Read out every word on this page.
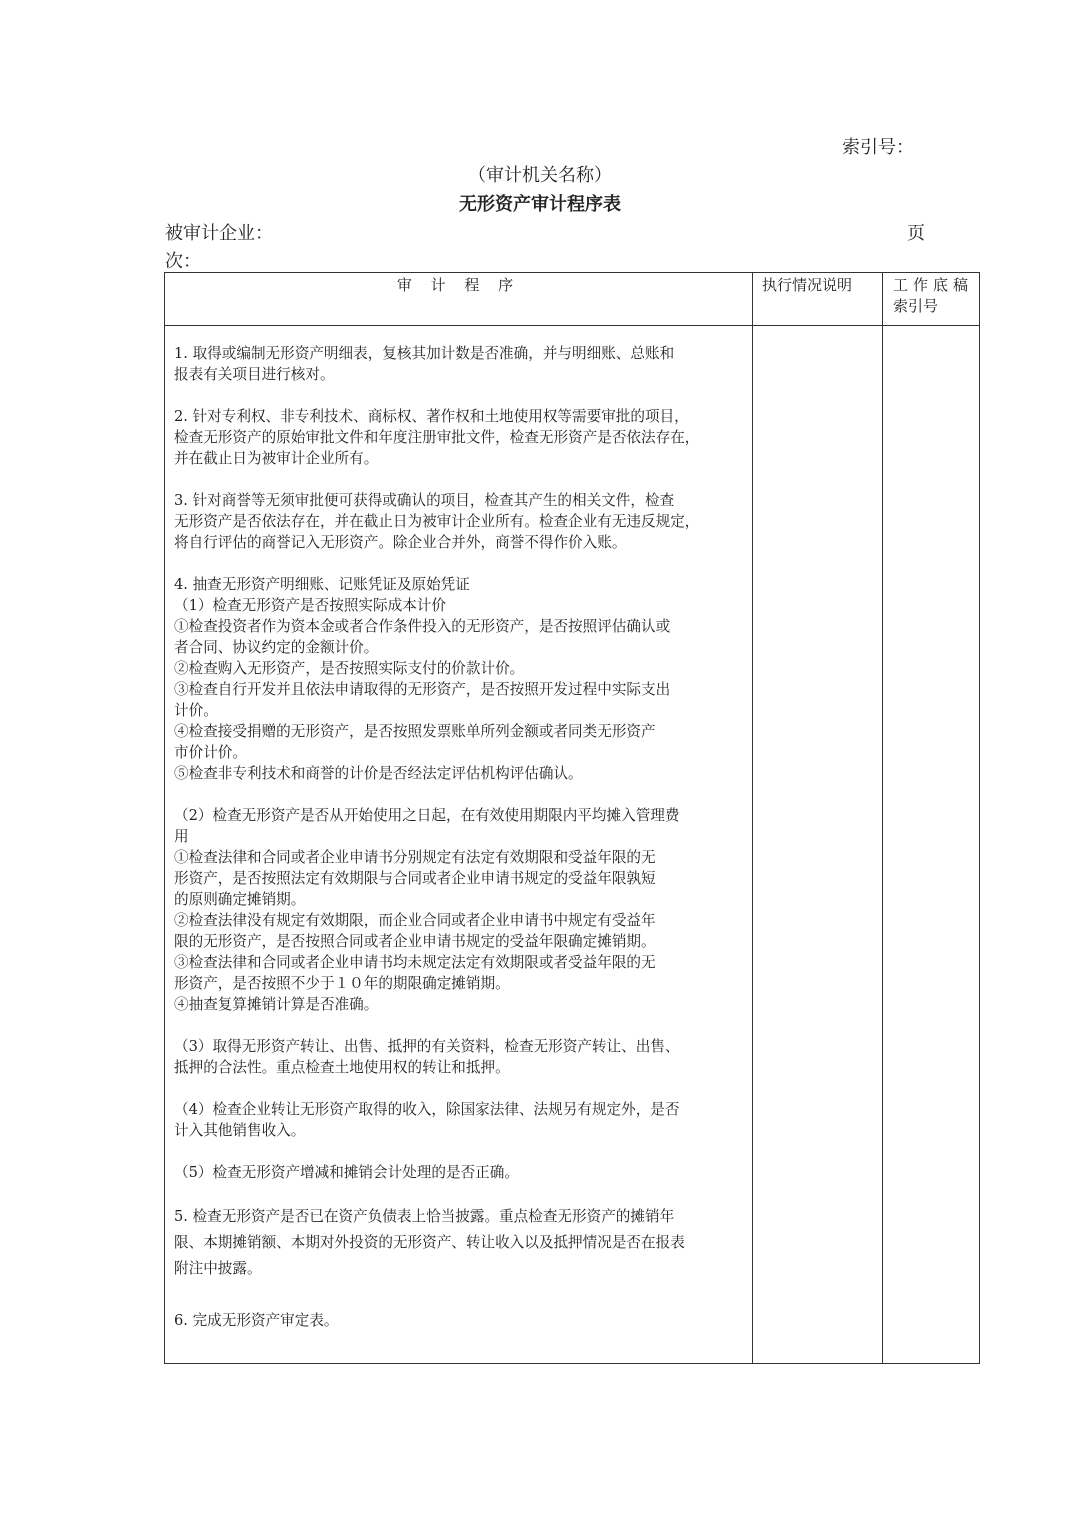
索引号：
（审计机关名称）
无形资产审计程序表
被审计企业：	页
次：
审 计 程 序	执行情况说明	工作底稿
索引号
1. 取得或编制无形资产明细表，复核其加计数是否准确，并与明细账、总账和
报表有关项目进行核对。
2. 针对专利权、非专利技术、商标权、著作权和土地使用权等需要审批的项目，
检查无形资产的原始审批文件和年度注册审批文件，检查无形资产是否依法存在，
并在截止日为被审计企业所有。
3. 针对商誉等无须审批便可获得或确认的项目，检查其产生的相关文件，检查
无形资产是否依法存在，并在截止日为被审计企业所有。检查企业有无违反规定，
将自行评估的商誉记入无形资产。除企业合并外，商誉不得作价入账。
4. 抽查无形资产明细账、记账凭证及原始凭证
（1）检查无形资产是否按照实际成本计价
①检查投资者作为资本金或者合作条件投入的无形资产，是否按照评估确认或
者合同、协议约定的金额计价。
②检查购入无形资产，是否按照实际支付的价款计价。
③检查自行开发并且依法申请取得的无形资产，是否按照开发过程中实际支出
计价。
④检查接受捐赠的无形资产，是否按照发票账单所列金额或者同类无形资产
市价计价。
⑤检查非专利技术和商誉的计价是否经法定评估机构评估确认。
（2）检查无形资产是否从开始使用之日起，在有效使用期限内平均摊入管理费
用
①检查法律和合同或者企业申请书分别规定有法定有效期限和受益年限的无
形资产，是否按照法定有效期限与合同或者企业申请书规定的受益年限孰短
的原则确定摊销期。
②检查法律没有规定有效期限，而企业合同或者企业申请书中规定有受益年
限的无形资产，是否按照合同或者企业申请书规定的受益年限确定摊销期。
③检查法律和合同或者企业申请书均未规定法定有效期限或者受益年限的无
形资产，是否按照不少于１０年的期限确定摊销期。
④抽查复算摊销计算是否准确。
（3）取得无形资产转让、出售、抵押的有关资料，检查无形资产转让、出售、
抵押的合法性。重点检查土地使用权的转让和抵押。
（4）检查企业转让无形资产取得的收入，除国家法律、法规另有规定外，是否
计入其他销售收入。
（5）检查无形资产增减和摊销会计处理的是否正确。
5. 检查无形资产是否已在资产负债表上恰当披露。重点检查无形资产的摊销年
限、本期摊销额、本期对外投资的无形资产、转让收入以及抵押情况是否在报表
附注中披露。
6. 完成无形资产审定表。
